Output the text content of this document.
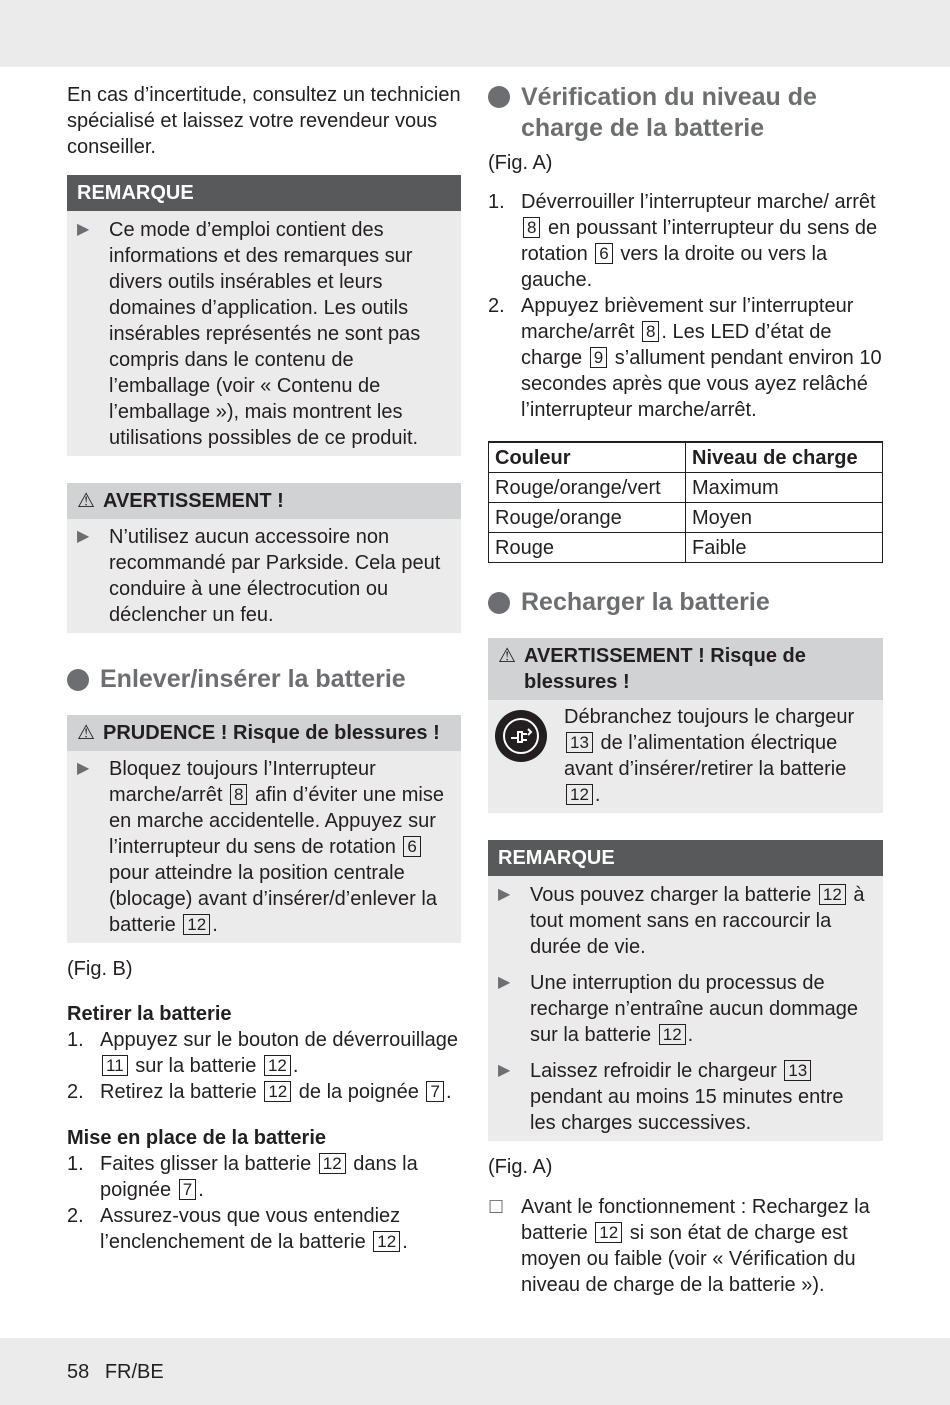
En cas d’incertitude, consultez un technicien spécialisé et laissez votre revendeur vous conseiller.

REMARQUE
▶ Ce mode d’emploi contient des informations et des remarques sur divers outils insérables et leurs domaines d’application. Les outils insérables représentés ne sont pas compris dans le contenu de l’emballage (voir « Contenu de l’emballage »), mais montrent les utilisations possibles de ce produit.
⚠ AVERTISSEMENT !
▶ N’utilisez aucun accessoire non recommandé par Parkside. Cela peut conduire à une électrocution ou déclencher un feu.
Enlever/insérer la batterie
⚠ PRUDENCE ! Risque de blessures !
▶ Bloquez toujours l’Interrupteur marche/arrêt 8 afin d’éviter une mise en marche accidentelle. Appuyez sur l’interrupteur du sens de rotation 6 pour atteindre la position centrale (blocage) avant d’insérer/d’enlever la batterie 12 .

(Fig. B)

Retirer la batterie

1. Appuyez sur le bouton de déverrouillage 11 sur la batterie 12 .
2. Retirez la batterie 12 de la poignée 7 .

Mise en place de la batterie

1. Faites glisser la batterie 12 dans la poignée 7 .
2. Assurez-vous que vous entendiez l’enclenchement de la batterie 12 .
Vérification du niveau de charge de la batterie

(Fig. A)

1. Déverrouiller l’interrupteur marche/ arrêt 8 en poussant l’interrupteur du sens de rotation 6 vers la droite ou vers la gauche.
2. Appuyez brièvement sur l’interrupteur marche/arrêt 8 . Les LED d’état de charge 9 s’allument pendant environ 10 secondes après que vous ayez relâché l’interrupteur marche/arrêt.
Couleur	Niveau de charge
Rouge/orange/vert	Maximum
Rouge/orange	Moyen
Rouge	Faible
Recharger la batterie
⚠ AVERTISSEMENT ! Risque de blessures !
Débranchez toujours le chargeur 13 de l’alimentation électrique avant d’insérer/retirer la batterie 12 .
REMARQUE
▶ Vous pouvez charger la batterie 12 à tout moment sans en raccourcir la durée de vie.
▶ Une interruption du processus de recharge n’entraîne aucun dommage sur la batterie 12 .
▶ Laissez refroidir le chargeur 13 pendant au moins 15 minutes entre les charges successives.

(Fig. A)

☐ Avant le fonctionnement : Rechargez la batterie 12 si son état de charge est moyen ou faible (voir « Vérification du niveau de charge de la batterie »).
58 FR/BE
